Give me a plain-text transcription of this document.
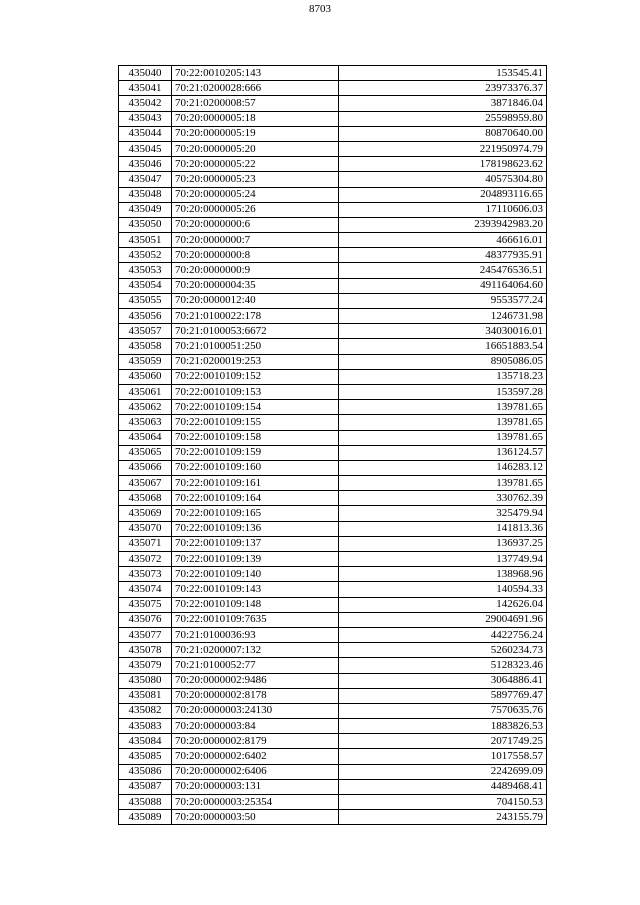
8703
435040	70:22:0010205:143	153545.41
435041	70:21:0200028:666	23973376.37
435042	70:21:0200008:57	3871846.04
435043	70:20:0000005:18	25598959.80
435044	70:20:0000005:19	80870640.00
435045	70:20:0000005:20	221950974.79
435046	70:20:0000005:22	178198623.62
435047	70:20:0000005:23	40575304.80
435048	70:20:0000005:24	204893116.65
435049	70:20:0000005:26	17110606.03
435050	70:20:0000000:6	2393942983.20
435051	70:20:0000000:7	466616.01
435052	70:20:0000000:8	48377935.91
435053	70:20:0000000:9	245476536.51
435054	70:20:0000004:35	491164064.60
435055	70:20:0000012:40	9553577.24
435056	70:21:0100022:178	1246731.98
435057	70:21:0100053:6672	34030016.01
435058	70:21:0100051:250	16651883.54
435059	70:21:0200019:253	8905086.05
435060	70:22:0010109:152	135718.23
435061	70:22:0010109:153	153597.28
435062	70:22:0010109:154	139781.65
435063	70:22:0010109:155	139781.65
435064	70:22:0010109:158	139781.65
435065	70:22:0010109:159	136124.57
435066	70:22:0010109:160	146283.12
435067	70:22:0010109:161	139781.65
435068	70:22:0010109:164	330762.39
435069	70:22:0010109:165	325479.94
435070	70:22:0010109:136	141813.36
435071	70:22:0010109:137	136937.25
435072	70:22:0010109:139	137749.94
435073	70:22:0010109:140	138968.96
435074	70:22:0010109:143	140594.33
435075	70:22:0010109:148	142626.04
435076	70:22:0010109:7635	29004691.96
435077	70:21:0100036:93	4422756.24
435078	70:21:0200007:132	5260234.73
435079	70:21:0100052:77	5128323.46
435080	70:20:0000002:9486	3064886.41
435081	70:20:0000002:8178	5897769.47
435082	70:20:0000003:24130	7570635.76
435083	70:20:0000003:84	1883826.53
435084	70:20:0000002:8179	2071749.25
435085	70:20:0000002:6402	1017558.57
435086	70:20:0000002:6406	2242699.09
435087	70:20:0000003:131	4489468.41
435088	70:20:0000003:25354	704150.53
435089	70:20:0000003:50	243155.79
